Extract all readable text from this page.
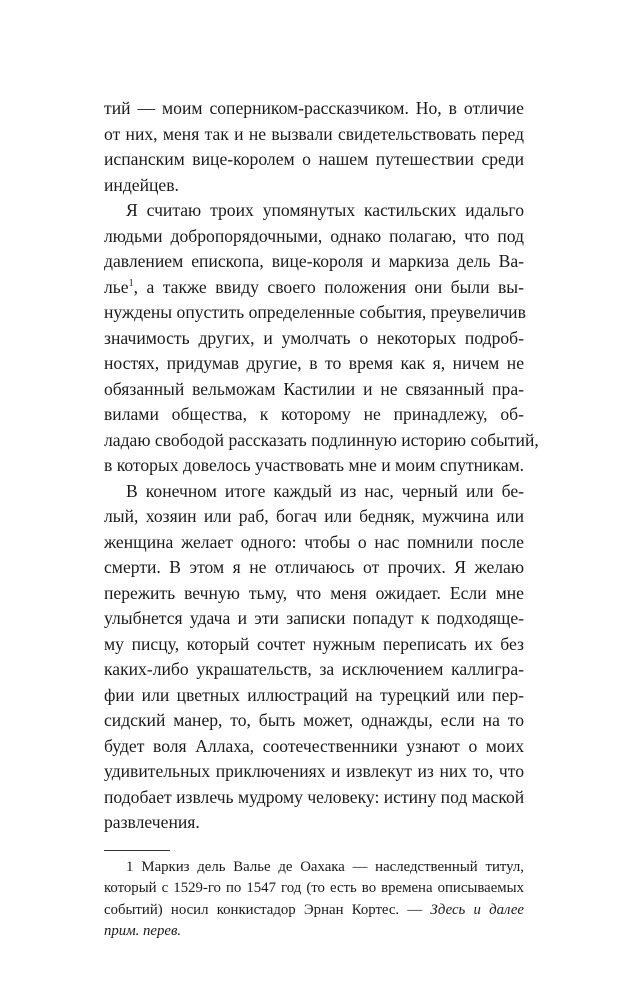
тий — моим соперником-рассказчиком. Но, в отличие
от них, меня так и не вызвали свидетельствовать перед
испанским вице-королем о нашем путешествии среди
индейцев.
Я считаю троих упомянутых кастильских идальго
людьми добропорядочными, однако полагаю, что под
давлением епископа, вице-короля и маркиза дель Ва-
лье$^1$, а также ввиду своего положения они были вы-
нуждены опустить определенные события, преувеличив
значимость других, и умолчать о некоторых подроб-
ностях, придумав другие, в то время как я, ничем не
обязанный вельможам Кастилии и не связанный пра-
вилами общества, к которому не принадлежу, об-
ладаю свободой рассказать подлинную историю событий,
в которых довелось участвовать мне и моим спутникам.
В конечном итоге каждый из нас, черный или бе-
лый, хозяин или раб, богач или бедняк, мужчина или
женщина желает одного: чтобы о нас помнили после
смерти. В этом я не отличаюсь от прочих. Я желаю
пережить вечную тьму, что меня ожидает. Если мне
улыбнется удача и эти записки попадут к подходяще-
му писцу, который сочтет нужным переписать их без
каких-либо украшательств, за исключением каллигра-
фии или цветных иллюстраций на турецкий или пер-
сидский манер, то, быть может, однажды, если на то
будет воля Аллаха, соотечественники узнают о моих
удивительных приключениях и извлекут из них то, что
подобает извлечь мудрому человеку: истину под маской
развлечения.
1 Маркиз дель Валье де Оахака — наследственный титул,
который с 1529-го по 1547 год (то есть во времена описываемых
событий) носил конкистадор Эрнан Кортес. — Здесь и далее
прим. перев.
